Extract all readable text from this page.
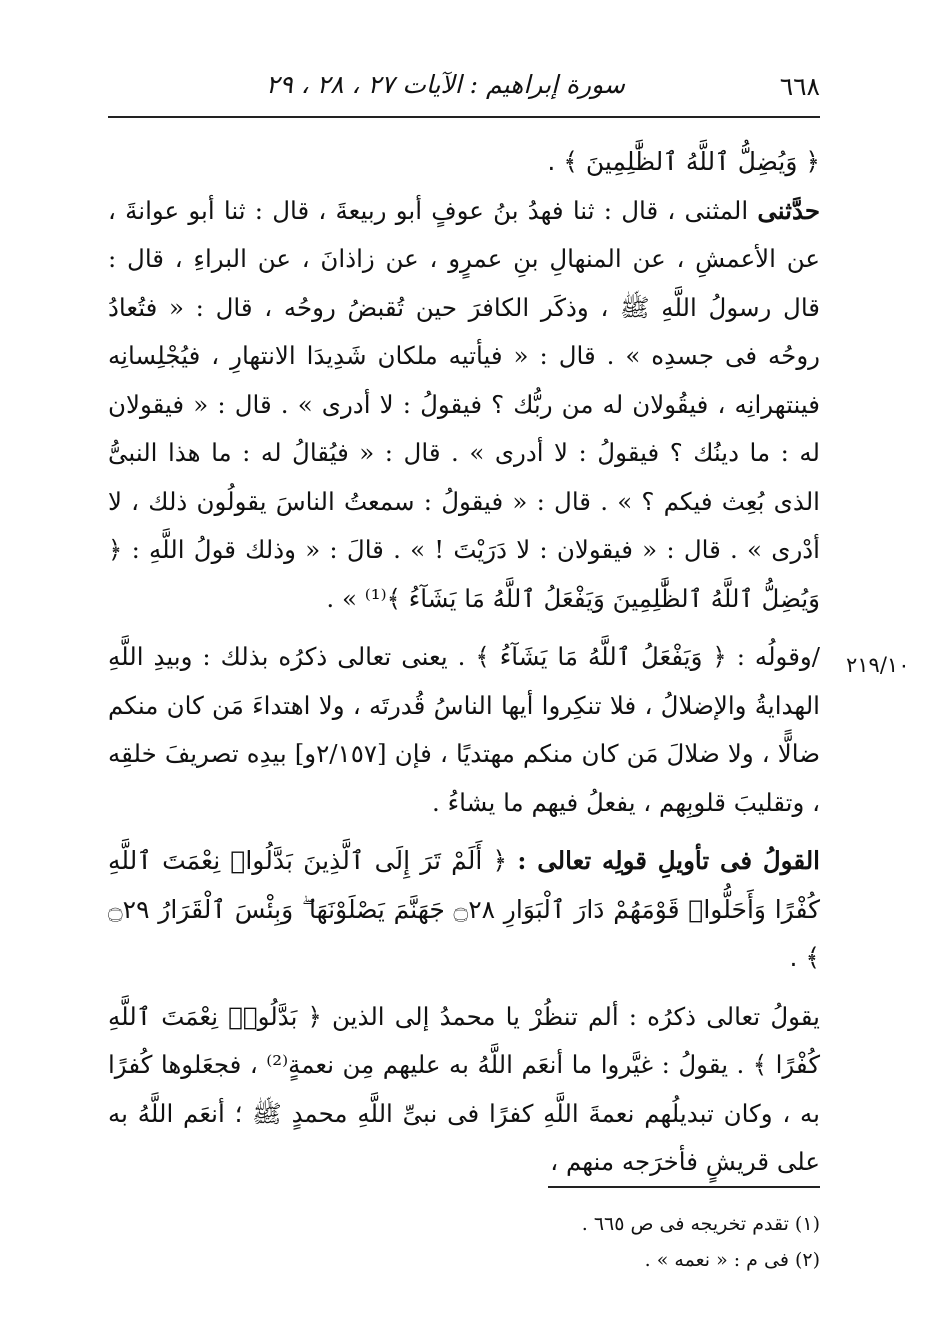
٦٦٨
سورة إبراهيم : الآيات ٢٧ ، ٢٨ ، ٢٩
٢١٩/١٠

﴿ وَيُضِلُّ ٱللَّهُ ٱلظَّٰلِمِينَ ﴾ .

حدَّثنى المثنى ، قال : ثنا فهدُ بنُ عوفٍ أبو ربيعةَ ، قال : ثنا أبو عوانةَ ، عن الأعمشِ ، عن المنهالِ بنِ عمرٍو ، عن زاذانَ ، عن البراءِ ، قال : قال رسولُ اللَّهِ ﷺ ، وذكَر الكافرَ حين تُقبضُ روحُه ، قال : « فتُعادُ روحُه فى جسدِه » . قال : « فيأتيه ملكان شَدِيدَا الانتهارِ ، فيُجْلِسانِه فينتهرانِه ، فيقُولان له من ربُّك ؟ فيقولُ : لا أدرى » . قال : « فيقولان له : ما دينُك ؟ فيقولُ : لا أدرى » . قال : « فيُقالُ له : ما هذا النبىُّ الذى بُعِث فيكم ؟ » . قال : « فيقولُ : سمعتُ الناسَ يقولُون ذلك ، لا أدْرى » . قال : « فيقولان : لا دَرَيْتَ ! » . قالَ : « وذلك قولُ اللَّهِ : ﴿ وَيُضِلُّ ٱللَّهُ ٱلظَّٰلِمِينَ وَيَفْعَلُ ٱللَّهُ مَا يَشَآءُ ﴾⁽¹⁾ » .

/وقولُه : ﴿ وَيَفْعَلُ ٱللَّهُ مَا يَشَآءُ ﴾ . يعنى تعالى ذكرُه بذلك : وبيدِ اللَّهِ الهدايةُ والإضلالُ ، فلا تنكِروا أيها الناسُ قُدرتَه ، ولا اهتداءَ مَن كان منكم ضالًّا ، ولا ضلالَ مَن كان منكم مهتديًا ، فإن [٢/١٥٧و] بيدِه تصريفَ خلقِه ، وتقليبَ قلوبِهم ، يفعلُ فيهم ما يشاءُ .

القولُ فى تأويلِ قولِه تعالى : ﴿ أَلَمْ تَرَ إِلَى ٱلَّذِينَ بَدَّلُوا۟ نِعْمَتَ ٱللَّهِ كُفْرًا وَأَحَلُّوا۟ قَوْمَهُمْ دَارَ ٱلْبَوَارِ ۝٢٨ جَهَنَّمَ يَصْلَوْنَهَا ۖ وَبِئْسَ ٱلْقَرَارُ ۝٢٩ ﴾ .

يقولُ تعالى ذكرُه : ألم تنظُرْ يا محمدُ إلى الذين ﴿ بَدَّلُوا۟ نِعْمَتَ ٱللَّهِ كُفْرًا ﴾ . يقولُ : غيَّروا ما أنعَم اللَّهُ به عليهم مِن نعمةٍ⁽²⁾ ، فجعَلوها كُفرًا به ، وكان تبديلُهم نعمةَ اللَّهِ كفرًا فى نبىِّ اللَّهِ محمدٍ ﷺ ؛ أنعَم اللَّهُ به على قريشٍ فأخرَجه منهم ،

(١) تقدم تخريجه فى ص ٦٦٥ .

(٢) فى م : « نعمه » .
